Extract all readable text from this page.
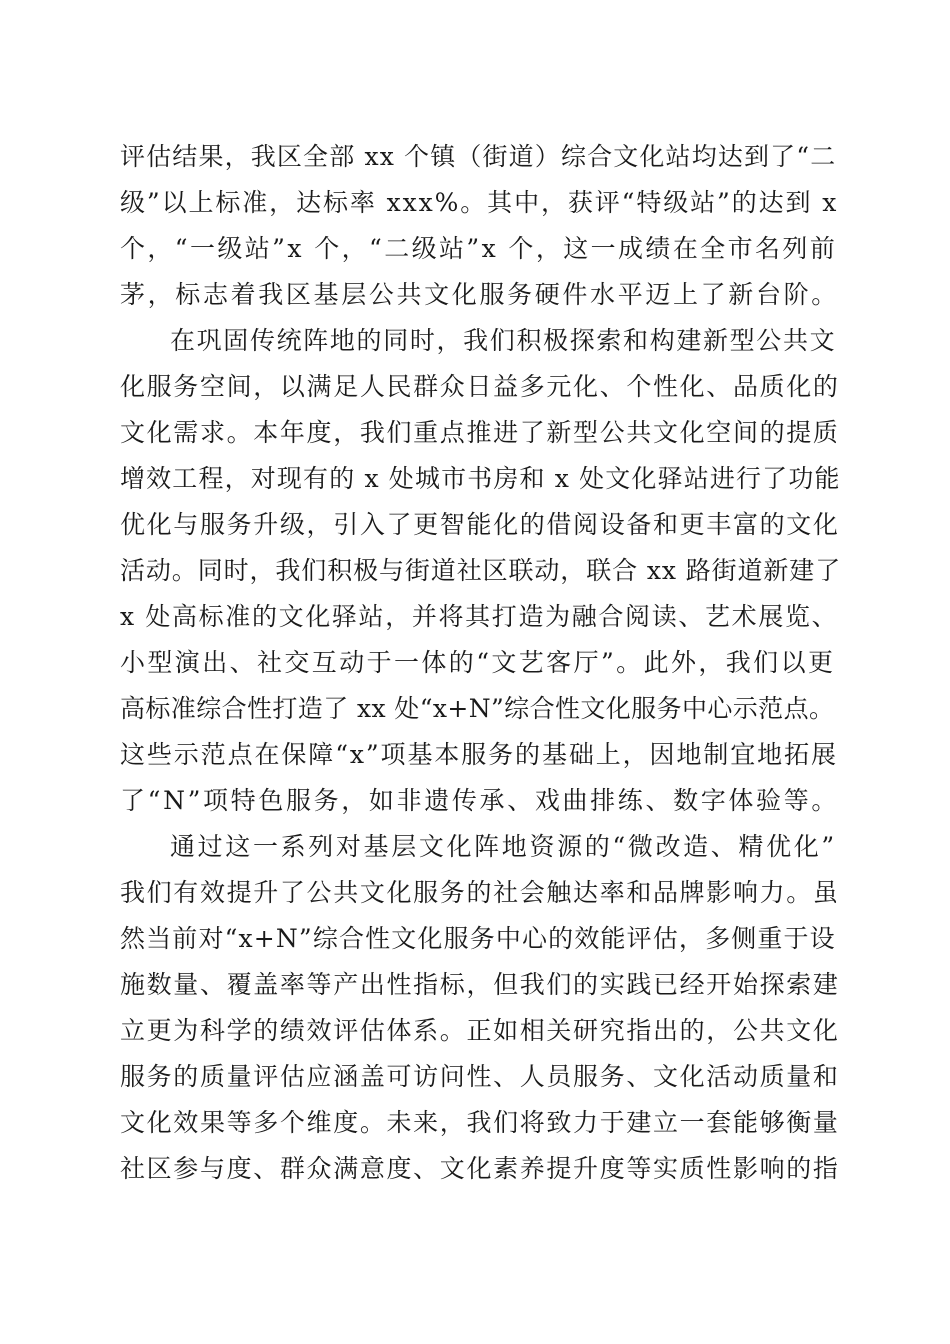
评估结果，我区全部 xx 个镇（街道）综合文化站均达到了“二
级”以上标准，达标率 xxx%。其中，获评“特级站”的达到 x
个，“一级站”x 个，“二级站”x 个，这一成绩在全市名列前
茅，标志着我区基层公共文化服务硬件水平迈上了新台阶。
在巩固传统阵地的同时，我们积极探索和构建新型公共文
化服务空间，以满足人民群众日益多元化、个性化、品质化的
文化需求。本年度，我们重点推进了新型公共文化空间的提质
增效工程，对现有的 x 处城市书房和 x 处文化驿站进行了功能
优化与服务升级，引入了更智能化的借阅设备和更丰富的文化
活动。同时，我们积极与街道社区联动，联合 xx 路街道新建了
x 处高标准的文化驿站，并将其打造为融合阅读、艺术展览、
小型演出、社交互动于一体的“文艺客厅”。此外，我们以更
高标准综合性打造了 xx 处“x+N”综合性文化服务中心示范点。
这些示范点在保障“x”项基本服务的基础上，因地制宜地拓展
了“N”项特色服务，如非遗传承、戏曲排练、数字体验等。
通过这一系列对基层文化阵地资源的“微改造、精优化”
我们有效提升了公共文化服务的社会触达率和品牌影响力。虽
然当前对“x+N”综合性文化服务中心的效能评估，多侧重于设
施数量、覆盖率等产出性指标，但我们的实践已经开始探索建
立更为科学的绩效评估体系。正如相关研究指出的，公共文化
服务的质量评估应涵盖可访问性、人员服务、文化活动质量和
文化效果等多个维度。未来，我们将致力于建立一套能够衡量
社区参与度、群众满意度、文化素养提升度等实质性影响的指
